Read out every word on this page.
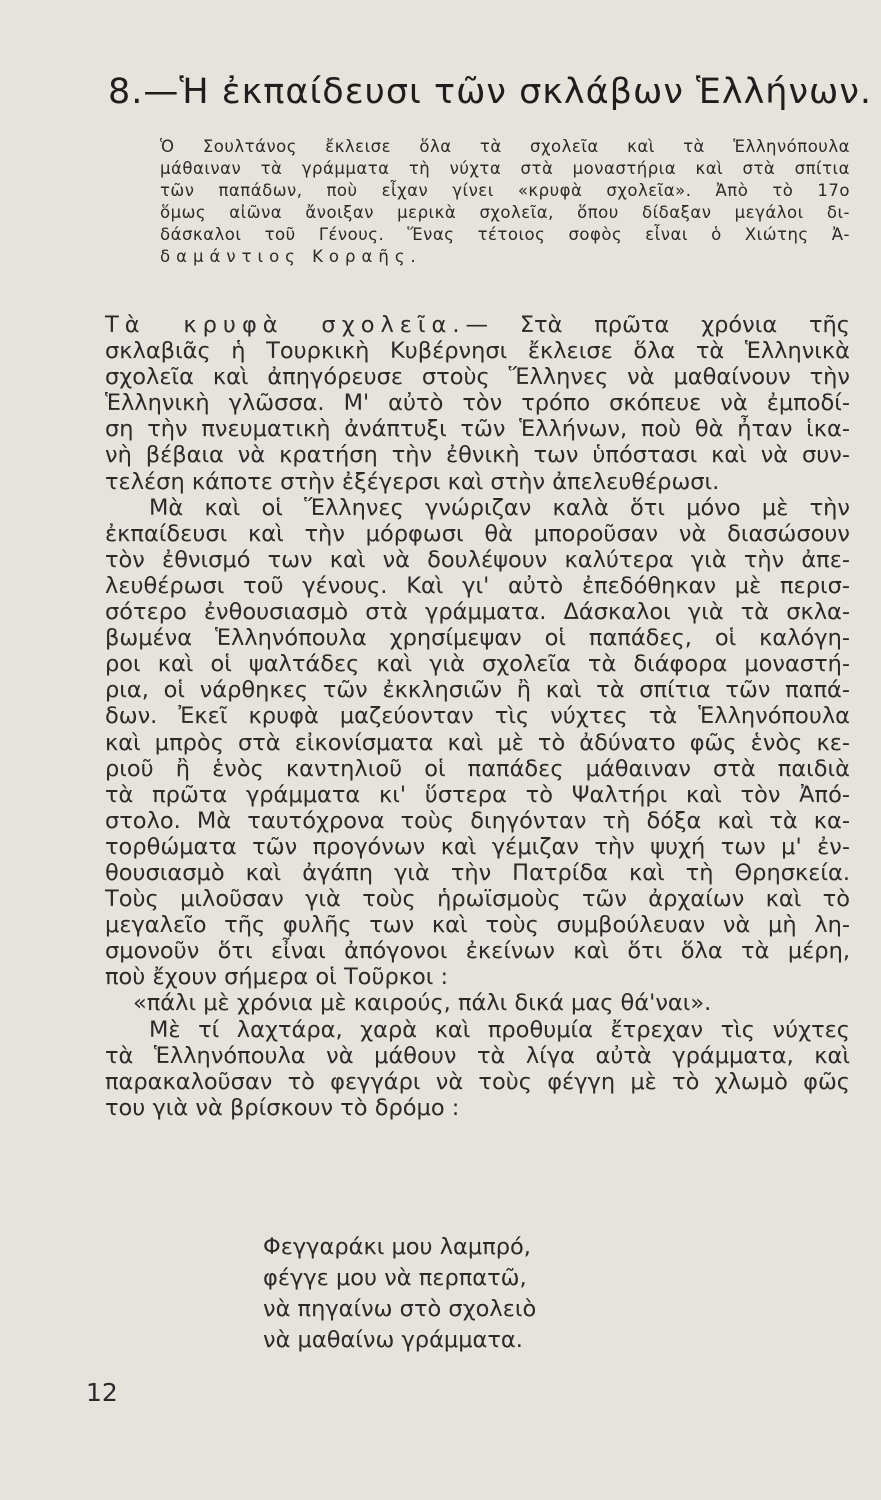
8.—Ἡ ἐκπαίδευσι τῶν σκλάβων Ἑλλήνων.
Ὁ Σουλτάνος ἔκλεισε ὅλα τὰ σχολεῖα καὶ τὰ Ἑλληνόπουλα
μάθαιναν τὰ γράμματα τὴ νύχτα στὰ μοναστήρια καὶ στὰ σπίτια
τῶν παπάδων, ποὺ εἶχαν γίνει «κρυφὰ σχολεῖα». Ἀπὸ τὸ 17ο
ὅμως αἰῶνα ἄνοιξαν μερικὰ σχολεῖα, ὅπου δίδαξαν μεγάλοι δι-
δάσκαλοι τοῦ Γένους. Ἕνας τέτοιος σοφὸς εἶναι ὁ Χιώτης Ἀ-
δαμάντιος Κοραῆς.
Τὰ κρυφὰ σχολεῖα.— Στὰ πρῶτα χρόνια τῆς
σκλαβιᾶς ἡ Τουρκικὴ Κυβέρνησι ἔκλεισε ὅλα τὰ Ἑλληνικὰ
σχολεῖα καὶ ἀπηγόρευσε στοὺς Ἕλληνες νὰ μαθαίνουν τὴν
Ἑλληνικὴ γλῶσσα. Μ' αὐτὸ τὸν τρόπο σκόπευε νὰ ἐμποδί-
ση τὴν πνευματικὴ ἀνάπτυξι τῶν Ἑλλήνων, ποὺ θὰ ἦταν ἱκα-
νὴ βέβαια νὰ κρατήση τὴν ἐθνικὴ των ὑπόστασι καὶ νὰ συν-
τελέση κάποτε στὴν ἐξέγερσι καὶ στὴν ἀπελευθέρωσι.
Μὰ καὶ οἱ Ἕλληνες γνώριζαν καλὰ ὅτι μόνο μὲ τὴν
ἐκπαίδευσι καὶ τὴν μόρφωσι θὰ μποροῦσαν νὰ διασώσουν
τὸν ἐθνισμό των καὶ νὰ δουλέψουν καλύτερα γιὰ τὴν ἀπε-
λευθέρωσι τοῦ γένους. Καὶ γι' αὐτὸ ἐπεδόθηκαν μὲ περισ-
σότερο ἐνθουσιασμὸ στὰ γράμματα. Δάσκαλοι γιὰ τὰ σκλα-
βωμένα Ἑλληνόπουλα χρησίμεψαν οἱ παπάδες, οἱ καλόγη-
ροι καὶ οἱ ψαλτάδες καὶ γιὰ σχολεῖα τὰ διάφορα μοναστή-
ρια, οἱ νάρθηκες τῶν ἐκκλησιῶν ἢ καὶ τὰ σπίτια τῶν παπά-
δων. Ἐκεῖ κρυφὰ μαζεύονταν τὶς νύχτες τὰ Ἑλληνόπουλα
καὶ μπρὸς στὰ εἰκονίσματα καὶ μὲ τὸ ἀδύνατο φῶς ἑνὸς κε-
ριοῦ ἢ ἑνὸς καντηλιοῦ οἱ παπάδες μάθαιναν στὰ παιδιὰ
τὰ πρῶτα γράμματα κι' ὕστερα τὸ Ψαλτήρι καὶ τὸν Ἀπό-
στολο. Μὰ ταυτόχρονα τοὺς διηγόνταν τὴ δόξα καὶ τὰ κα-
τορθώματα τῶν προγόνων καὶ γέμιζαν τὴν ψυχή των μ' ἐν-
θουσιασμὸ καὶ ἀγάπη γιὰ τὴν Πατρίδα καὶ τὴ Θρησκεία.
Τοὺς μιλοῦσαν γιὰ τοὺς ἡρωϊσμοὺς τῶν ἀρχαίων καὶ τὸ
μεγαλεῖο τῆς φυλῆς των καὶ τοὺς συμβούλευαν νὰ μὴ λη-
σμονοῦν ὅτι εἶναι ἀπόγονοι ἐκείνων καὶ ὅτι ὅλα τὰ μέρη,
ποὺ ἔχουν σήμερα οἱ Τοῦρκοι :
«πάλι μὲ χρόνια μὲ καιρούς, πάλι δικά μας θά'ναι».
Μὲ τί λαχτάρα, χαρὰ καὶ προθυμία ἔτρεχαν τὶς νύχτες
τὰ Ἑλληνόπουλα νὰ μάθουν τὰ λίγα αὐτὰ γράμματα, καὶ
παρακαλοῦσαν τὸ φεγγάρι νὰ τοὺς φέγγη μὲ τὸ χλωμὸ φῶς
του γιὰ νὰ βρίσκουν τὸ δρόμο :
Φεγγαράκι μου λαμπρό,
φέγγε μου νὰ περπατῶ,
νὰ πηγαίνω στὸ σχολειὸ
νὰ μαθαίνω γράμματα.
12
